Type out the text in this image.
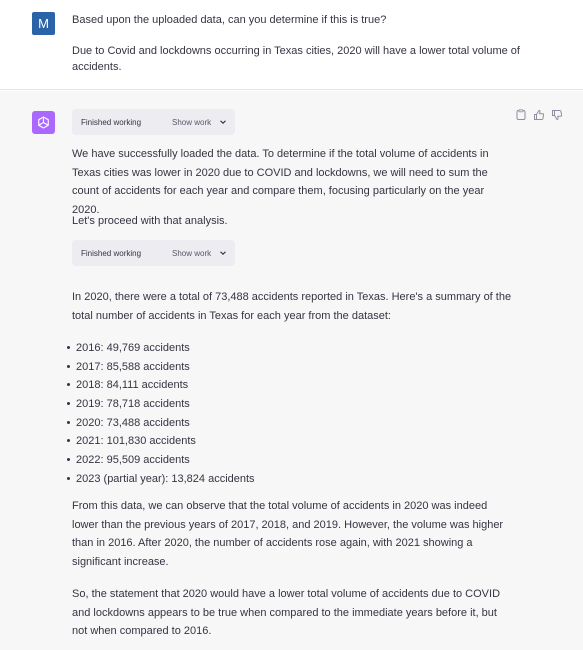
M	Based upon the uploaded data, can you determine if this is true?

Due to Covid and lockdowns occurring in Texas cities, 2020 will have a lower total volume of accidents.

Finished working	Show work

We have successfully loaded the data. To determine if the total volume of accidents in Texas cities was lower in 2020 due to COVID and lockdowns, we will need to sum the count of accidents for each year and compare them, focusing particularly on the year 2020.

Let's proceed with that analysis.

Finished working	Show work

In 2020, there were a total of 73,488 accidents reported in Texas. Here's a summary of the total number of accidents in Texas for each year from the dataset:

2016: 49,769 accidents
2017: 85,588 accidents
2018: 84,111 accidents
2019: 78,718 accidents
2020: 73,488 accidents
2021: 101,830 accidents
2022: 95,509 accidents
2023 (partial year): 13,824 accidents

From this data, we can observe that the total volume of accidents in 2020 was indeed lower than the previous years of 2017, 2018, and 2019. However, the volume was higher than in 2016. After 2020, the number of accidents rose again, with 2021 showing a significant increase.

So, the statement that 2020 would have a lower total volume of accidents due to COVID and lockdowns appears to be true when compared to the immediate years before it, but not when compared to 2016.
